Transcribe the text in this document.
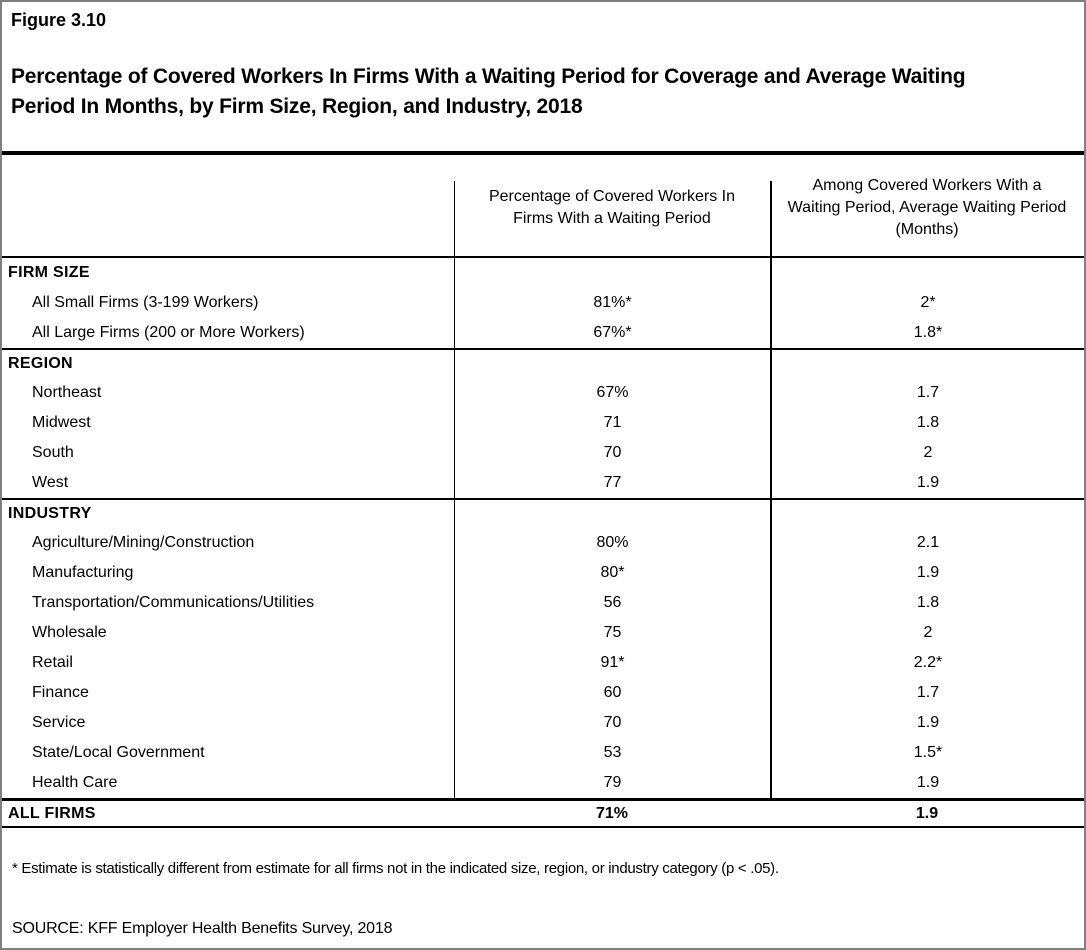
Figure 3.10
Percentage of Covered Workers In Firms With a Waiting Period for Coverage and Average Waiting Period In Months, by Firm Size, Region, and Industry, 2018
Percentage of Covered Workers In Firms With a Waiting Period
Among Covered Workers With a Waiting Period, Average Waiting Period (Months)
FIRM SIZE
All Small Firms (3-199 Workers)	81%*	2*
All Large Firms (200 or More Workers)	67%*	1.8*
REGION
Northeast	67%	1.7
Midwest	71	1.8
South	70	2
West	77	1.9
INDUSTRY
Agriculture/Mining/Construction	80%	2.1
Manufacturing	80*	1.9
Transportation/Communications/Utilities	56	1.8
Wholesale	75	2
Retail	91*	2.2*
Finance	60	1.7
Service	70	1.9
State/Local Government	53	1.5*
Health Care	79	1.9
ALL FIRMS	71%	1.9
* Estimate is statistically different from estimate for all firms not in the indicated size, region, or industry category (p < .05).
SOURCE: KFF Employer Health Benefits Survey, 2018
